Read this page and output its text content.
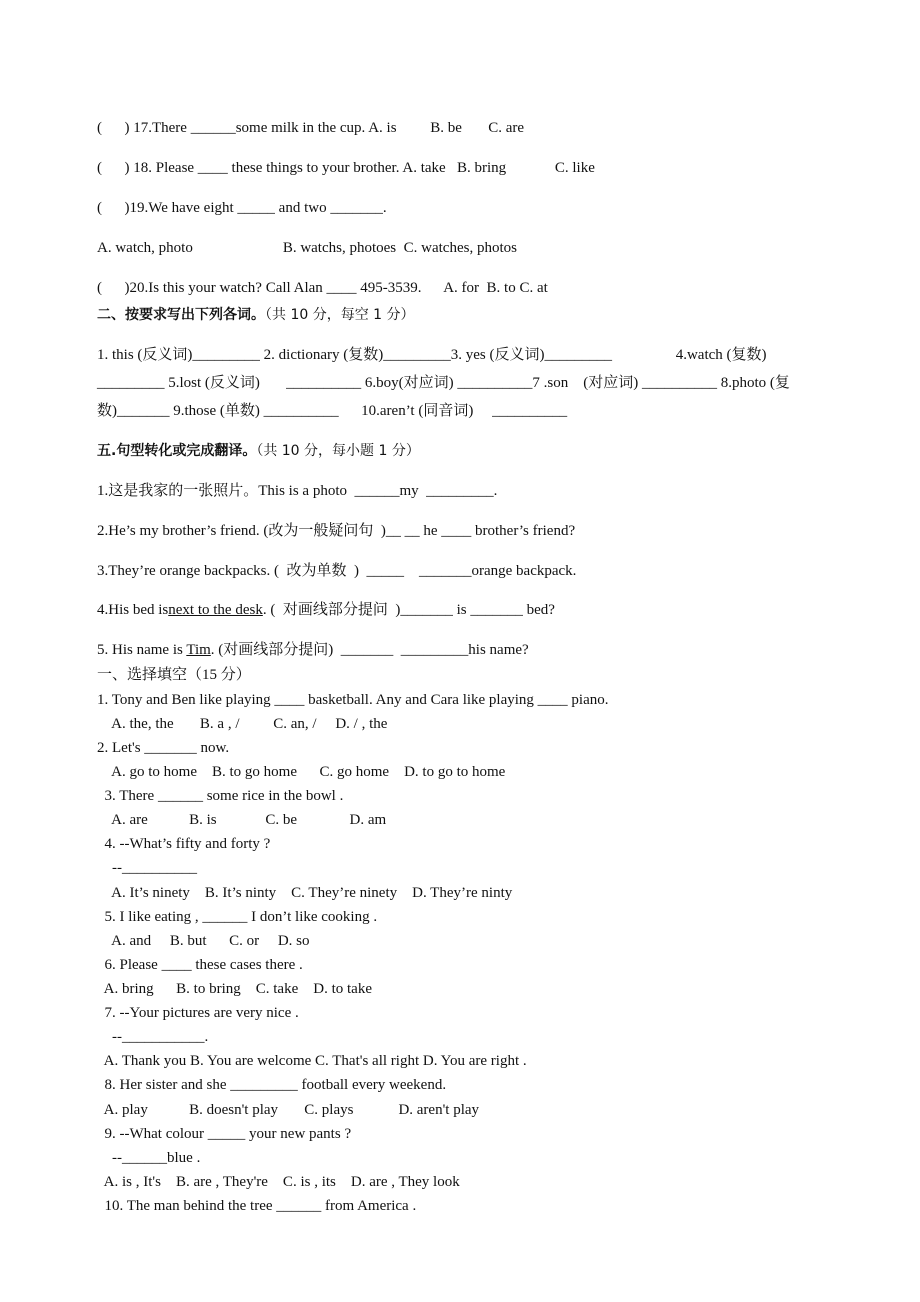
(      ) 17.There ______some milk in the cup. A. is         B. be       C. are
(      ) 18. Please ____ these things to your brother. A. take   B. bring             C. like
(      )19.We have eight _____ and two _______.
A. watch, photo                        B. watchs, photoes  C. watches, photos
(      )20.Is this your watch? Call Alan ____ 495-3539.      A. for  B. to C. at
二、按要求写出下列各词。（共 10 分，每空 1 分）
1. this (反义词)_________ 2. dictionary (复数)_________3. yes (反义词)_________                 4.watch (复数)
_________ 5.lost (反义词)       __________ 6.boy(对应词) __________7 .son    (对应词) __________ 8.photo (复
数)_______ 9.those (单数) __________      10.aren’t (同音词)     __________
五.句型转化或完成翻译。（共 10 分，每小题 1 分）
1.这是我家的一张照片。This is a photo  ______my  _________.
2.He’s my brother’s friend. (改为一般疑问句  )__ __ he ____ brother’s friend?
3.They’re orange backpacks. (  改为单数  )  _____    _______orange backpack.
4.His bed isnext to the desk. (  对画线部分提问  )_______ is _______ bed?
5. His name is Tim. (对画线部分提问)  _______  _________his name?
一、选择填空（15 分）
1. Tony and Ben like playing ____ basketball. Any and Cara like playing ____ piano.
A. the, the       B. a , /         C. an, /     D. / , the
2. Let's _______ now.
A. go to home    B. to go home      C. go home    D. to go to home
3. There ______ some rice in the bowl .
A. are           B. is             C. be              D. am
4. --What’s fifty and forty ?
--__________
A. It’s ninety    B. It’s ninty    C. They’re ninety    D. They’re ninty
5. I like eating , ______ I don’t like cooking .
A. and     B. but      C. or     D. so
6. Please ____ these cases there .
A. bring      B. to bring    C. take    D. to take
7. --Your pictures are very nice .
--___________.
A. Thank you B. You are welcome C. That's all right D. You are right .
8. Her sister and she _________ football every weekend.
A. play           B. doesn't play       C. plays            D. aren't play
9. --What colour _____ your new pants ?
--______blue .
A. is , It's    B. are , They're    C. is , its    D. are , They look
10. The man behind the tree ______ from America .
